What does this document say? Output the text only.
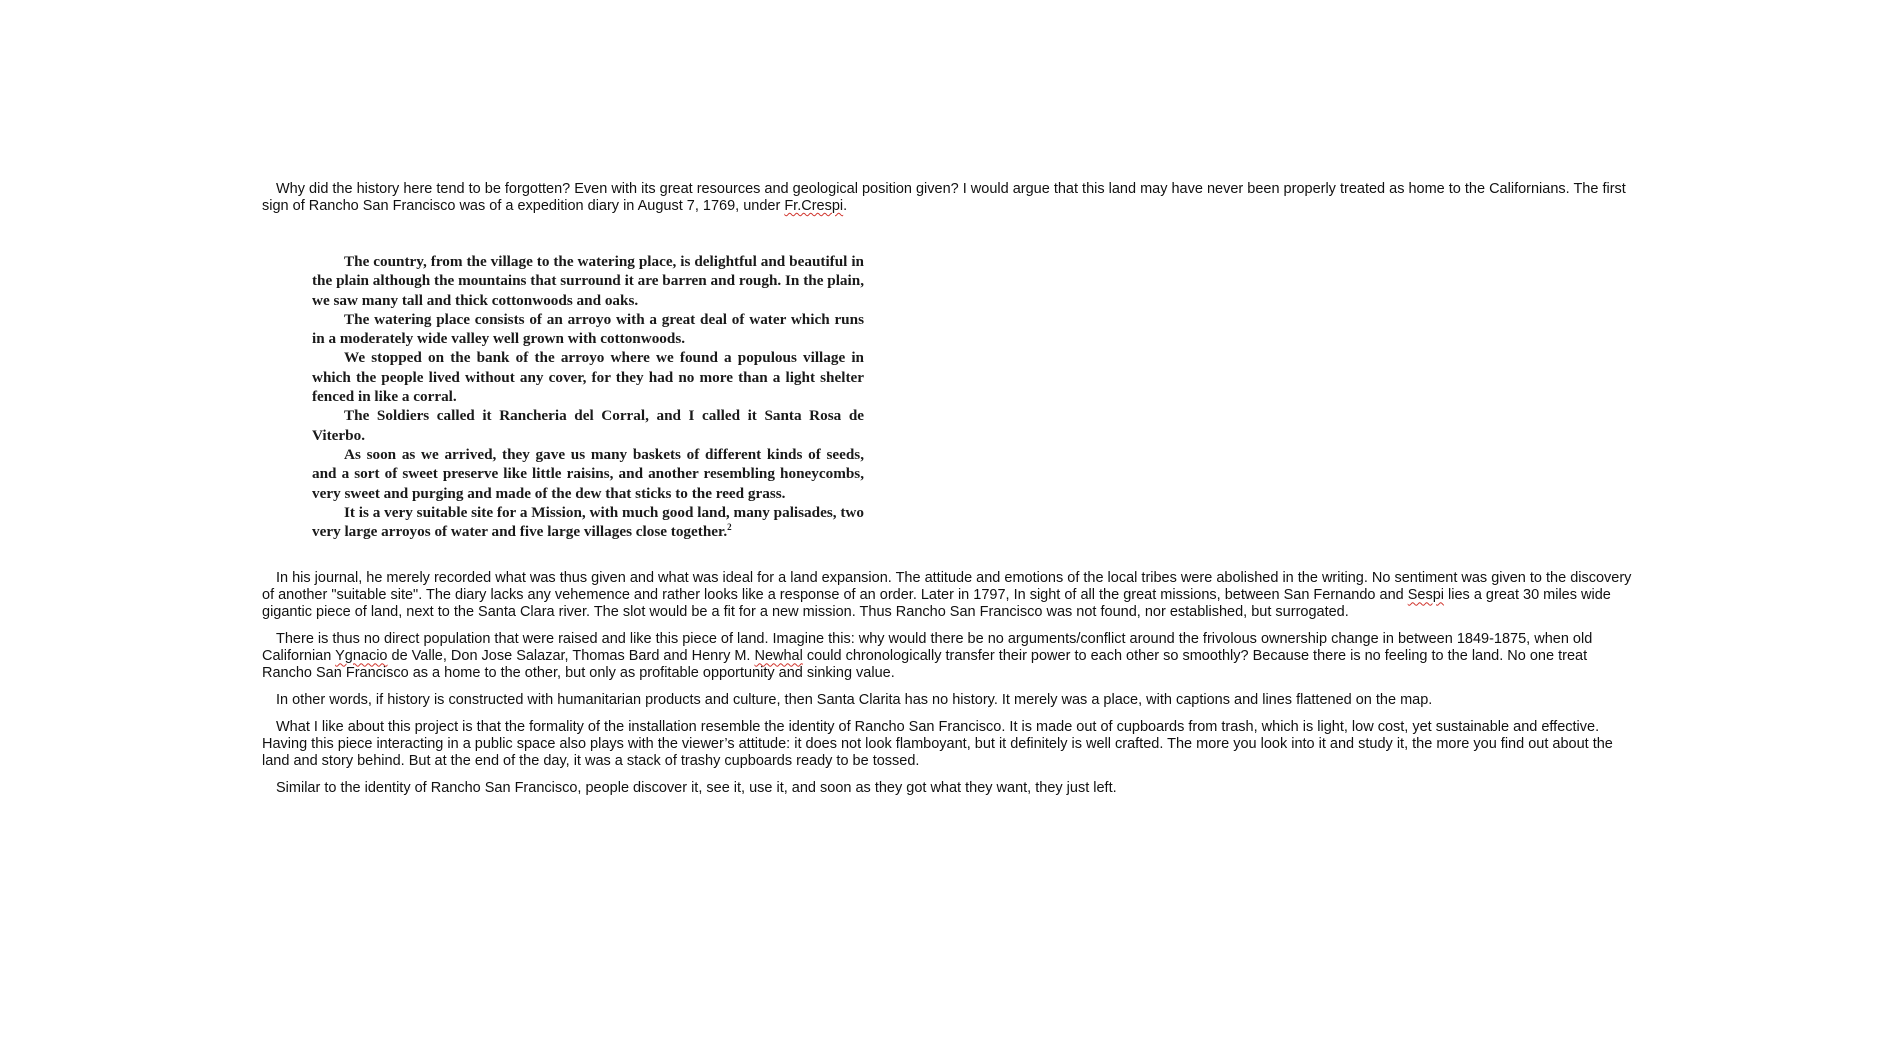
Why did the history here tend to be forgotten? Even with its great resources and geological position given? I would argue that this land may have never been properly treated as home to the Californians. The first sign of Rancho San Francisco was of a expedition diary in August 7, 1769, under Fr.Crespi.

The country, from the village to the watering place, is delightful and beautiful in the plain although the mountains that surround it are barren and rough. In the plain, we saw many tall and thick cottonwoods and oaks.

The watering place consists of an arroyo with a great deal of water which runs in a moderately wide valley well grown with cottonwoods.

We stopped on the bank of the arroyo where we found a populous village in which the people lived without any cover, for they had no more than a light shelter fenced in like a corral.

The Soldiers called it Rancheria del Corral, and I called it Santa Rosa de Viterbo.

As soon as we arrived, they gave us many baskets of different kinds of seeds, and a sort of sweet preserve like little raisins, and another resembling honeycombs, very sweet and purging and made of the dew that sticks to the reed grass.

It is a very suitable site for a Mission, with much good land, many palisades, two very large arroyos of water and five large villages close together.$^2$

In his journal, he merely recorded what was thus given and what was ideal for a land expansion. The attitude and emotions of the local tribes were abolished in the writing. No sentiment was given to the discovery of another "suitable site". The diary lacks any vehemence and rather looks like a response of an order. Later in 1797, In sight of all the great missions, between San Fernando and Sespi lies a great 30 miles wide gigantic piece of land, next to the Santa Clara river. The slot would be a fit for a new mission. Thus Rancho San Francisco was not found, nor established, but surrogated.

There is thus no direct population that were raised and like this piece of land. Imagine this: why would there be no arguments/conflict around the frivolous ownership change in between 1849-1875, when old Californian Ygnacio de Valle, Don Jose Salazar, Thomas Bard and Henry M. Newhal could chronologically transfer their power to each other so smoothly? Because there is no feeling to the land. No one treat Rancho San Francisco as a home to the other, but only as profitable opportunity and sinking value.

In other words, if history is constructed with humanitarian products and culture, then Santa Clarita has no history. It merely was a place, with captions and lines flattened on the map.

What I like about this project is that the formality of the installation resemble the identity of Rancho San Francisco. It is made out of cupboards from trash, which is light, low cost, yet sustainable and effective. Having this piece interacting in a public space also plays with the viewer’s attitude: it does not look flamboyant, but it definitely is well crafted. The more you look into it and study it, the more you find out about the land and story behind. But at the end of the day, it was a stack of trashy cupboards ready to be tossed.

Similar to the identity of Rancho San Francisco, people discover it, see it, use it, and soon as they got what they want, they just left.
